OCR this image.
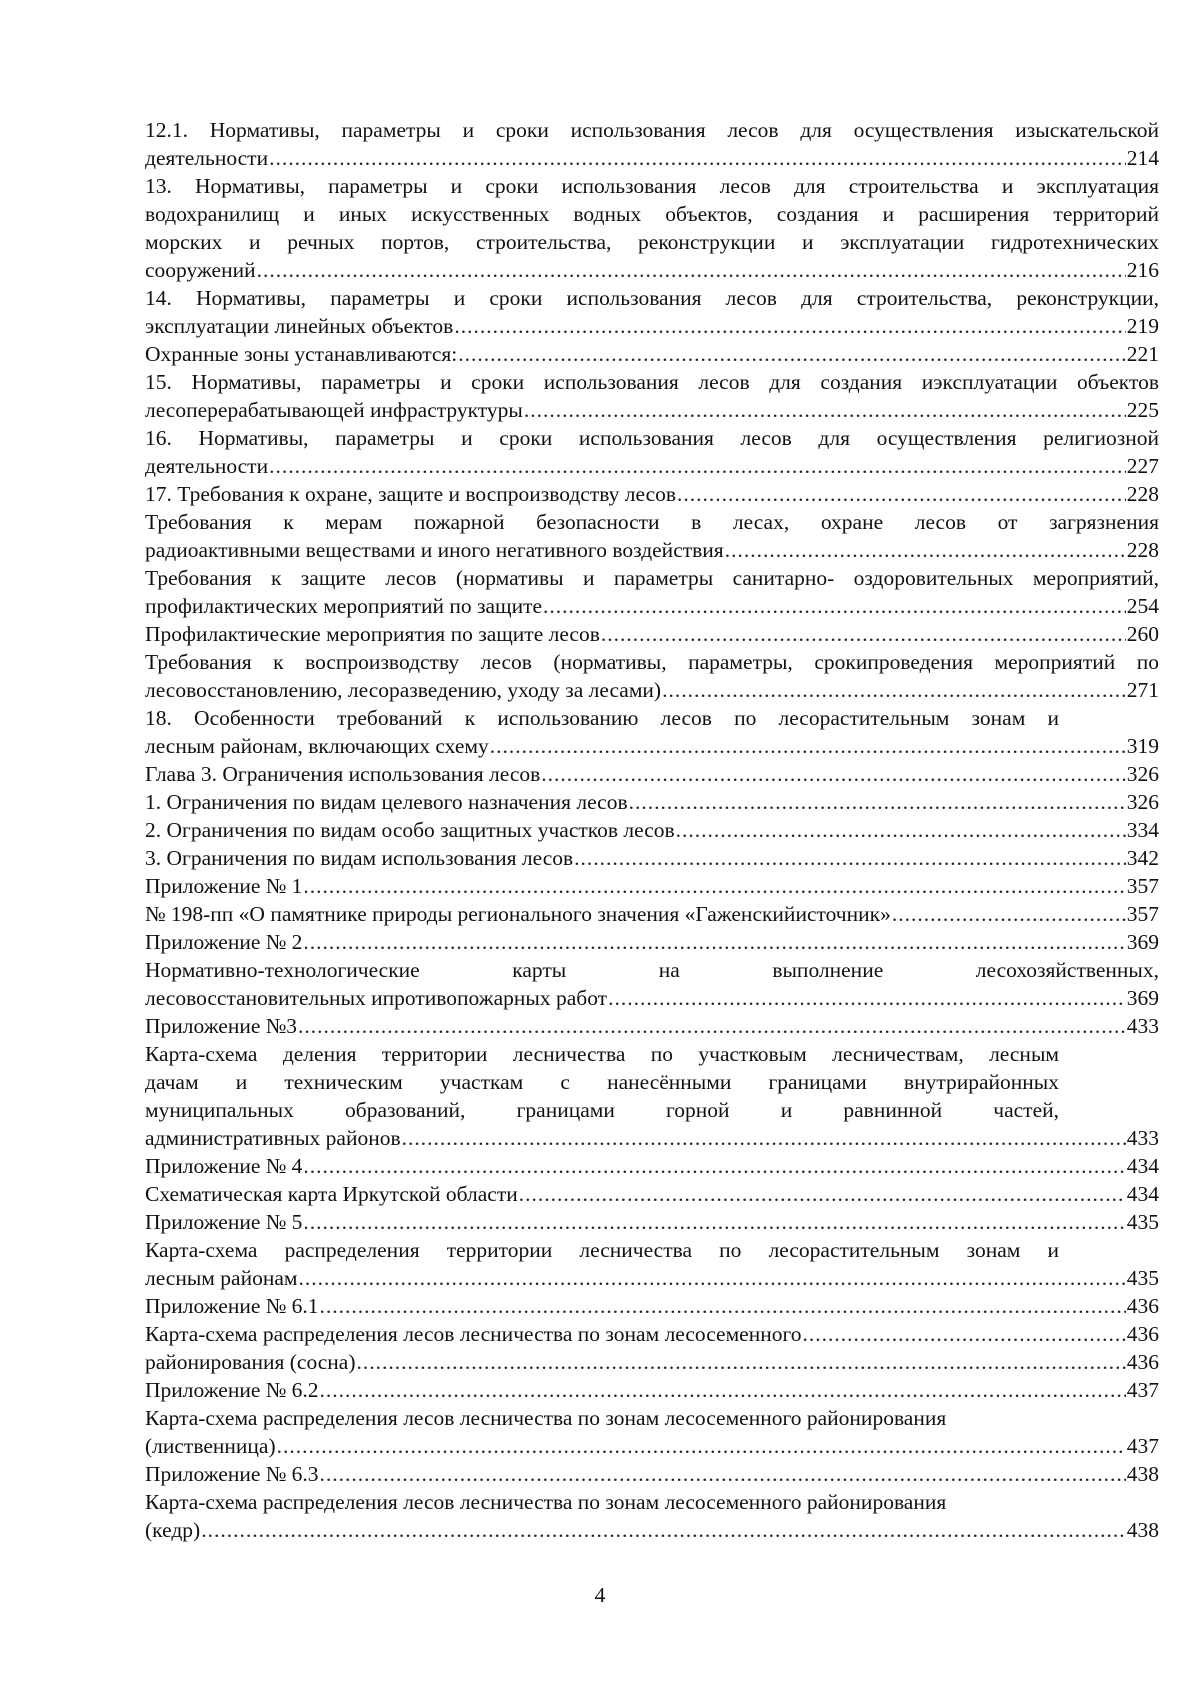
12.1. Нормативы, параметры и сроки использования лесов для осуществления изыскательской
деятельности .....	214
13. Нормативы, параметры и сроки использования лесов для строительства и эксплуатация
водохранилищ и иных искусственных водных объектов, создания и расширения территорий
морских и речных портов, строительства, реконструкции и эксплуатации гидротехнических
сооружений .....	216
14. Нормативы, параметры и сроки использования лесов для строительства, реконструкции,
эксплуатации линейных объектов .....	219
Охранные зоны устанавливаются: .....	221
15. Нормативы, параметры и сроки использования лесов для создания иэксплуатации объектов
лесоперерабатывающей инфраструктуры .....	225
16. Нормативы, параметры и сроки использования лесов для осуществления религиозной
деятельности .....	227
17. Требования к охране, защите и воспроизводству лесов .....	228
Требования к мерам пожарной безопасности в лесах, охране лесов от загрязнения
радиоактивными веществами и иного негативного воздействия .....	228
Требования к защите лесов (нормативы и параметры санитарно- оздоровительных мероприятий,
профилактических мероприятий по защите .....	254
Профилактические мероприятия по защите лесов .....	260
Требования к воспроизводству лесов (нормативы, параметры, срокипроведения мероприятий по
лесовосстановлению, лесоразведению, уходу за лесами) .....	271
18. Особенности требований к использованию лесов по лесорастительным зонам и
лесным районам, включающих схему .....	319
Глава 3. Ограничения использования лесов .....	326
1. Ограничения по видам целевого назначения лесов .....	326
2. Ограничения по видам особо защитных участков лесов .....	334
3. Ограничения по видам использования лесов .....	342
Приложение № 1 .....	357
№ 198-пп «О памятнике природы регионального значения «Гаженскийисточник» .....	357
Приложение № 2 .....	369
Нормативно-технологические карты на выполнение лесохозяйственных,
лесовосстановительных ипротивопожарных работ .....	369
Приложение №3 .....	433
Карта-схема деления территории лесничества по участковым лесничествам, лесным
дачам и техническим участкам с нанесёнными границами внутрирайонных
муниципальных образований, границами горной и равнинной частей,
административных районов .....	433
Приложение № 4 .....	434
Схематическая карта Иркутской области .....	434
Приложение № 5 .....	435
Карта-схема распределения территории лесничества по лесорастительным зонам и
лесным районам .....	435
Приложение № 6.1 .....	436
Карта-схема распределения лесов лесничества по зонам лесосеменного .....	436
районирования (сосна) .....	436
Приложение № 6.2 .....	437
Карта-схема распределения лесов лесничества по зонам лесосеменного районирования
(лиственница) .....	437
Приложение № 6.3 .....	438
Карта-схема распределения лесов лесничества по зонам лесосеменного районирования
(кедр) .....	438
4
